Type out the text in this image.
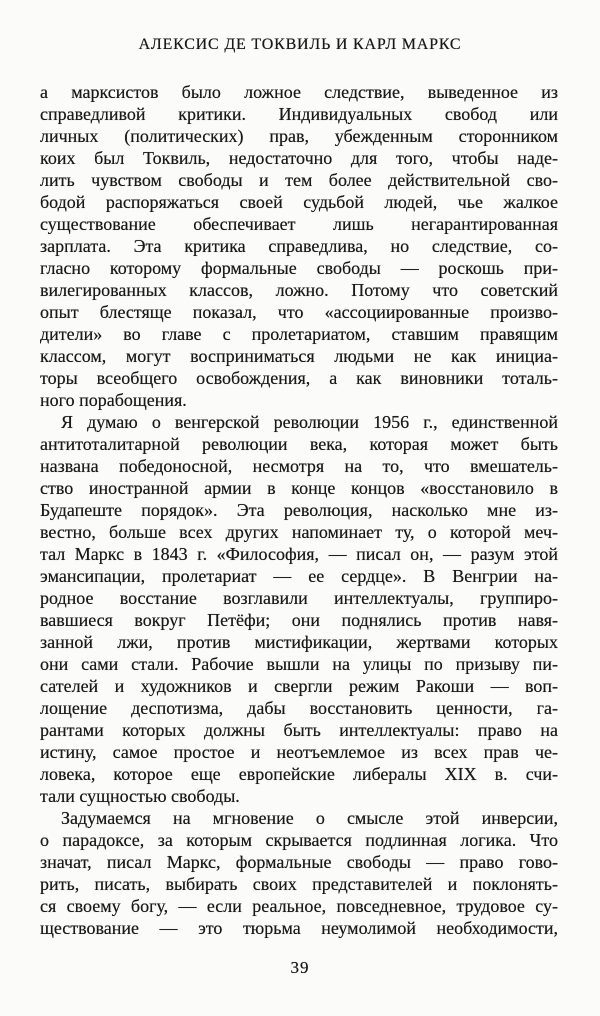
АЛЕКСИС ДЕ ТОКВИЛЬ И КАРЛ МАРКС
а марксистов было ложное следствие, выведенное из
справедливой критики. Индивидуальных свобод или
личных (политических) прав, убежденным сторонником
коих был Токвиль, недостаточно для того, чтобы наде-
лить чувством свободы и тем более действительной сво-
бодой распоряжаться своей судьбой людей, чье жалкое
существование обеспечивает лишь негарантированная
зарплата. Эта критика справедлива, но следствие, со-
гласно которому формальные свободы — роскошь при-
вилегированных классов, ложно. Потому что советский
опыт блестяще показал, что «ассоциированные произво-
дители» во главе с пролетариатом, ставшим правящим
классом, могут восприниматься людьми не как инициа-
торы всеобщего освобождения, а как виновники тоталь-
ного порабощения.
Я думаю о венгерской революции 1956 г., единственной
антитоталитарной революции века, которая может быть
названа победоносной, несмотря на то, что вмешатель-
ство иностранной армии в конце концов «восстановило в
Будапеште порядок». Эта революция, насколько мне из-
вестно, больше всех других напоминает ту, о которой меч-
тал Маркс в 1843 г. «Философия, — писал он, — разум этой
эмансипации, пролетариат — ее сердце». В Венгрии на-
родное восстание возглавили интеллектуалы, группиро-
вавшиеся вокруг Петёфи; они поднялись против навя-
занной лжи, против мистификации, жертвами которых
они сами стали. Рабочие вышли на улицы по призыву пи-
сателей и художников и свергли режим Ракоши — воп-
лощение деспотизма, дабы восстановить ценности, га-
рантами которых должны быть интеллектуалы: право на
истину, самое простое и неотъемлемое из всех прав че-
ловека, которое еще европейские либералы XIX в. счи-
тали сущностью свободы.
Задумаемся на мгновение о смысле этой инверсии,
о парадоксе, за которым скрывается подлинная логика. Что
значат, писал Маркс, формальные свободы — право гово-
рить, писать, выбирать своих представителей и поклонять-
ся своему богу, — если реальное, повседневное, трудовое су-
ществование — это тюрьма неумолимой необходимости,
39
